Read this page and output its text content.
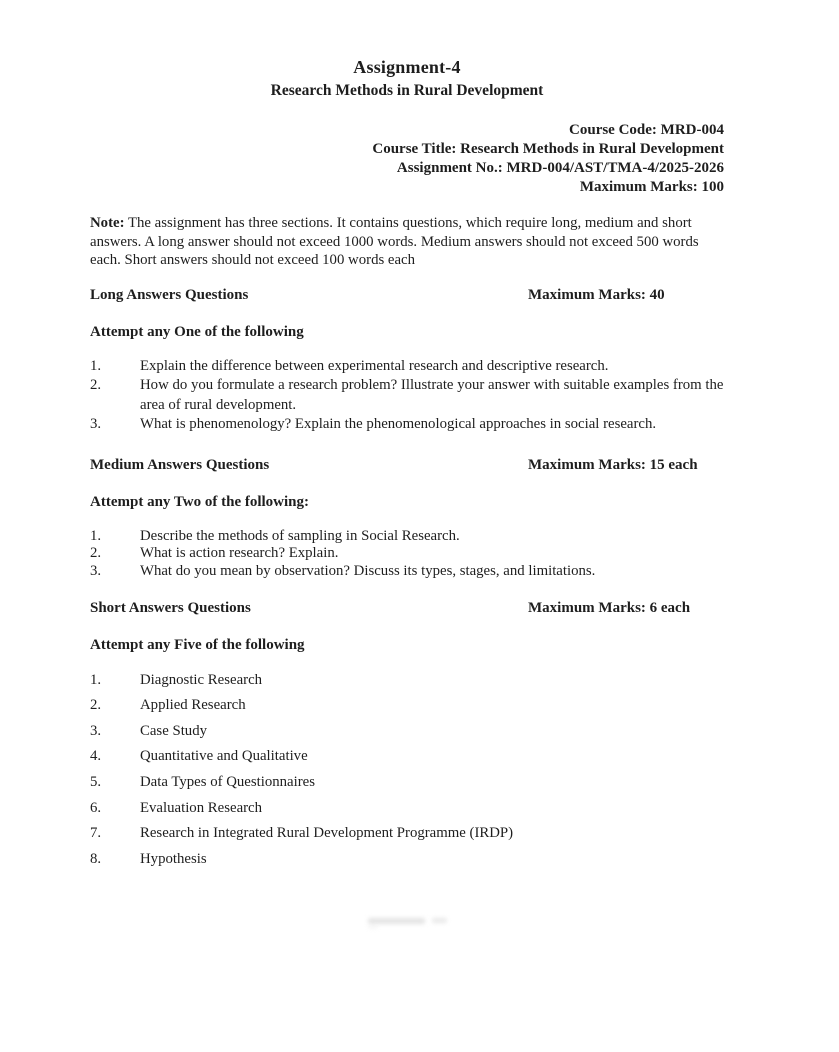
Assignment-4
Research Methods in Rural Development
Course Code: MRD-004
Course Title: Research Methods in Rural Development
Assignment No.: MRD-004/AST/TMA-4/2025-2026
Maximum Marks: 100

Note: The assignment has three sections. It contains questions, which require long, medium and short answers. A long answer should not exceed 1000 words. Medium answers should not exceed 500 words each. Short answers should not exceed 100 words each

Long Answers Questions	Maximum Marks: 40
Attempt any One of the following
1.	Explain the difference between experimental research and descriptive research.
2.	How do you formulate a research problem? Illustrate your answer with suitable examples from the area of rural development.
3.	What is phenomenology? Explain the phenomenological approaches in social research.
Medium Answers Questions	Maximum Marks: 15 each
Attempt any Two of the following:
1.	Describe the methods of sampling in Social Research.
2.	What is action research? Explain.
3.	What do you mean by observation? Discuss its types, stages, and limitations.
Short Answers Questions	Maximum Marks: 6 each
Attempt any Five of the following
1.	Diagnostic Research
2.	Applied Research
3.	Case Study
4.	Quantitative and Qualitative
5.	Data Types of Questionnaires
6.	Evaluation Research
7.	Research in Integrated Rural Development Programme (IRDP)
8.	Hypothesis
